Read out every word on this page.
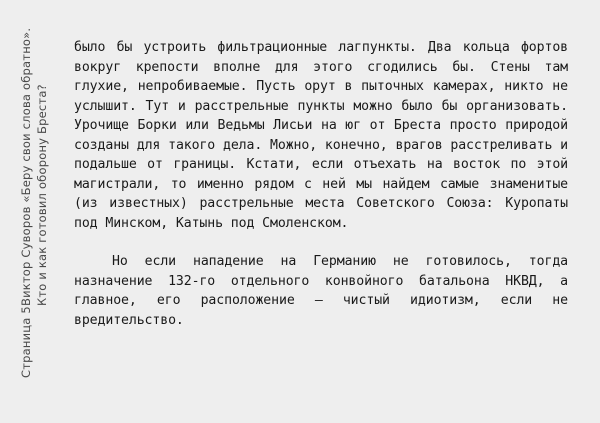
Страница 5Виктор Суворов «Беру свои слова обратно». Кто и как готовил оборону Бреста?

было бы устроить фильтрационные лагпункты. Два кольца фортов вокруг крепости вполне для этого сгодились бы. Стены там глухие, непробиваемые. Пусть орут в пыточных камерах, никто не услышит. Тут и расстрельные пункты можно было бы организовать. Урочище Борки или Ведьмы Лисьи на юг от Бреста просто природой созданы для такого дела. Можно, конечно, врагов расстреливать и подальше от границы. Кстати, если отъехать на восток по этой магистрали, то именно рядом с ней мы найдем самые знаменитые (из известных) расстрельные места Советского Союза: Куропаты под Минском, Катынь под Смоленском.

Но если нападение на Германию не готовилось, тогда назначение 132-го отдельного конвойного батальона НКВД, а главное, его расположение – чистый идиотизм, если не вредительство.
